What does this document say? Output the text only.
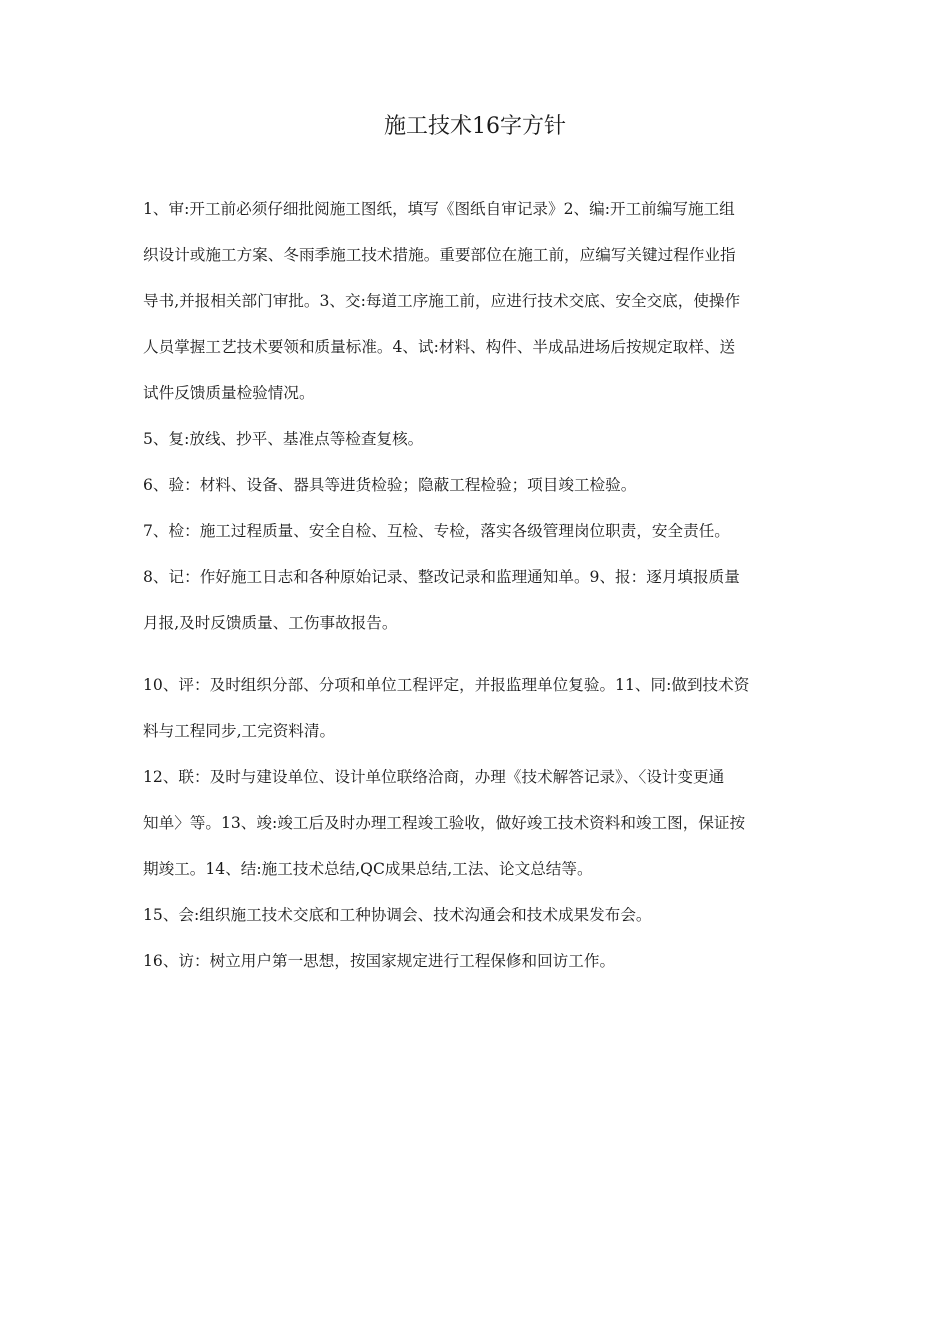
施工技术16字方针
1、审:开工前必须仔细批阅施工图纸，填写《图纸自审记录》2、编:开工前编写施工组
织设计或施工方案、冬雨季施工技术措施。重要部位在施工前，应编写关键过程作业指
导书,并报相关部门审批。3、交:每道工序施工前，应进行技术交底、安全交底，使操作
人员掌握工艺技术要领和质量标准。4、试:材料、构件、半成品进场后按规定取样、送
试件反馈质量检验情况。
5、复:放线、抄平、基准点等检查复核。
6、验：材料、设备、器具等进货检验；隐蔽工程检验；项目竣工检验。
7、检：施工过程质量、安全自检、互检、专检，落实各级管理岗位职责，安全责任。
8、记：作好施工日志和各种原始记录、整改记录和监理通知单。9、报：逐月填报质量
月报,及时反馈质量、工伤事故报告。
10、评：及时组织分部、分项和单位工程评定，并报监理单位复验。11、同:做到技术资
料与工程同步,工完资料清。
12、联：及时与建设单位、设计单位联络洽商，办理《技术解答记录》、〈设计变更通
知单〉等。13、竣:竣工后及时办理工程竣工验收，做好竣工技术资料和竣工图，保证按
期竣工。14、结:施工技术总结,QC成果总结,工法、论文总结等。
15、会:组织施工技术交底和工种协调会、技术沟通会和技术成果发布会。
16、访：树立用户第一思想，按国家规定进行工程保修和回访工作。
